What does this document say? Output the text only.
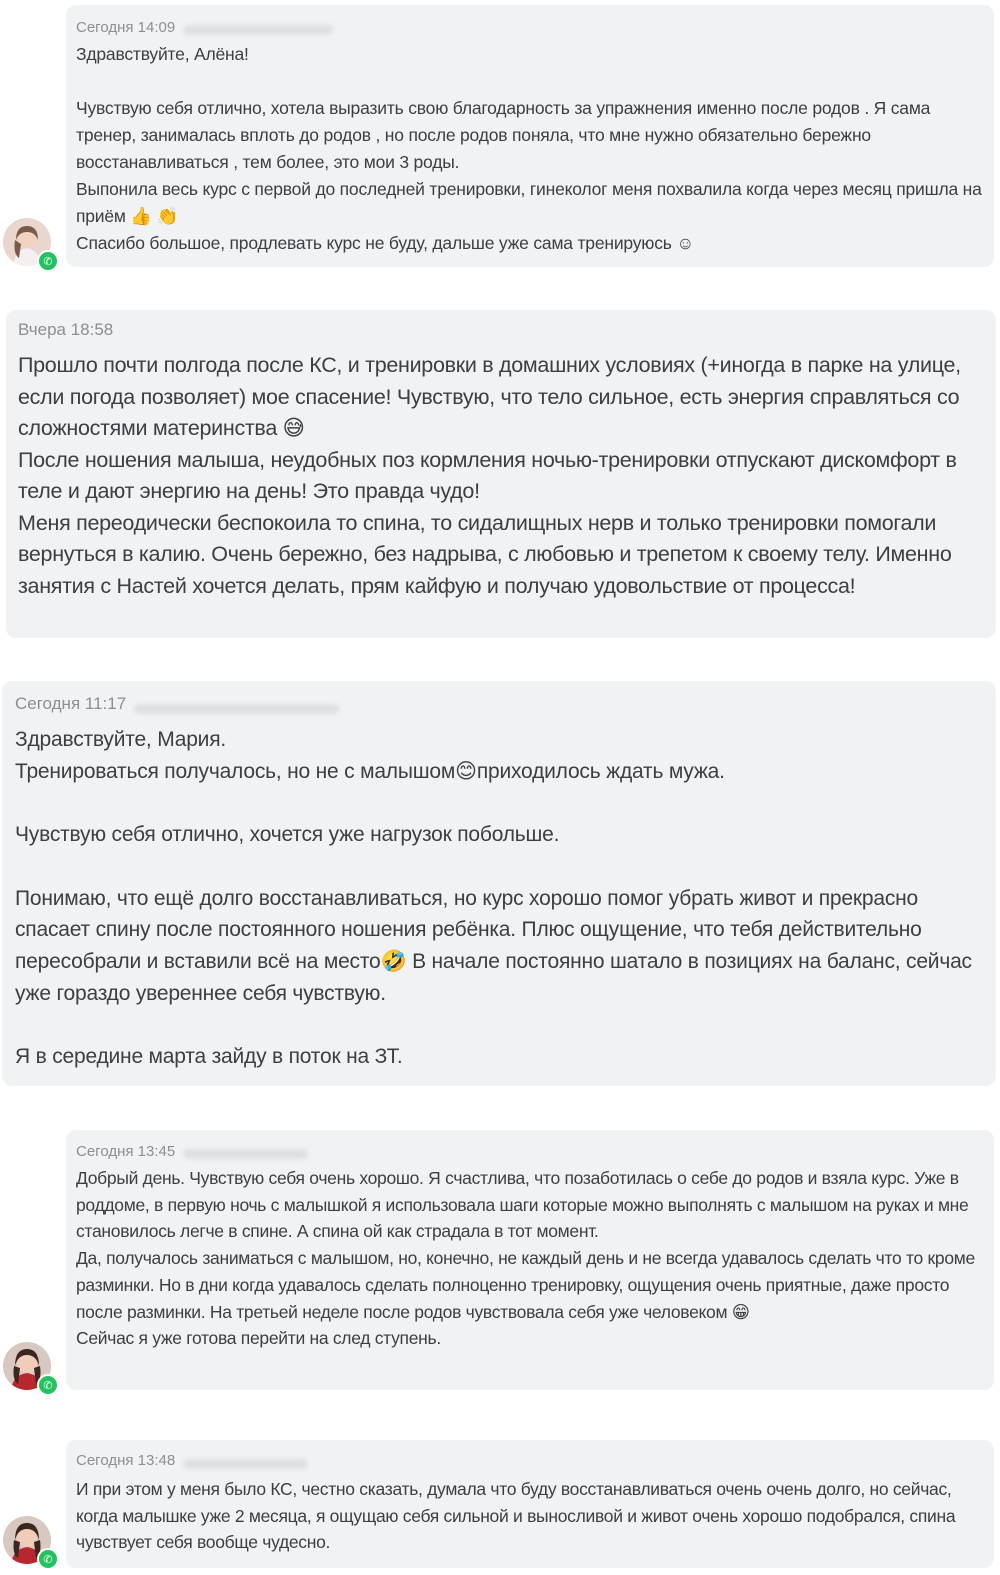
Сегодня 14:09
Здравствуйте, Алёна!

Чувствую себя отлично, хотела выразить свою благодарность за упражнения именно после родов . Я сама тренер, занималась вплоть до родов , но после родов поняла, что мне нужно обязательно бережно восстанавливаться , тем более, это мои 3 роды.
Выпонила весь курс с первой до последней тренировки, гинеколог меня похвалила когда через месяц пришла на приём 👍 👏
Спасибо большое, продлевать курс не буду, дальше уже сама тренируюсь ☺
✆
Вчера 18:58
Прошло почти полгода после КС, и тренировки в домашних условиях (+иногда в парке на улице, если погода позволяет) мое спасение! Чувствую, что тело сильное, есть энергия справляться со сложностями материнства 😅
После ношения малыша, неудобных поз кормления ночью-тренировки отпускают дискомфорт в теле и дают энергию на день! Это правда чудо!
Меня переодически беспокоила то спина, то сидалищных нерв и только тренировки помогали вернуться в калию. Очень бережно, без надрыва, с любовью и трепетом к своему телу. Именно занятия с Настей хочется делать, прям кайфую и получаю удовольствие от процесса!
Сегодня 11:17
Здравствуйте, Мария.
Тренироваться получалось, но не с малышом😊приходилось ждать мужа.

Чувствую себя отлично, хочется уже нагрузок побольше.

Понимаю, что ещё долго восстанавливаться, но курс хорошо помог убрать живот и прекрасно спасает спину после постоянного ношения ребёнка. Плюс ощущение, что тебя действительно пересобрали и вставили всё на место🤣 В начале постоянно шатало в позициях на баланс, сейчас уже гораздо увереннее себя чувствую.

Я в середине марта зайду в поток на ЗТ.
Сегодня 13:45
Добрый день. Чувствую себя очень хорошо. Я счастлива, что позаботилась о себе до родов и взяла курс. Уже в роддоме, в первую ночь с малышкой я использовала шаги которые можно выполнять с малышом на руках и мне становилось легче в спине. А спина ой как страдала в тот момент.
Да, получалось заниматься с малышом, но, конечно, не каждый день и не всегда удавалось сделать что то кроме разминки. Но в дни когда удавалось сделать полноценно тренировку, ощущения очень приятные, даже просто после разминки. На третьей неделе после родов чувствовала себя уже человеком 😁
Сейчас я уже готова перейти на след ступень.
✆
Сегодня 13:48
И при этом у меня было КС, честно сказать, думала что буду восстанавливаться очень очень долго, но сейчас, когда малышке уже 2 месяца, я ощущаю себя сильной и выносливой и живот очень хорошо подобрался, спина чувствует себя вообще чудесно.
✆
